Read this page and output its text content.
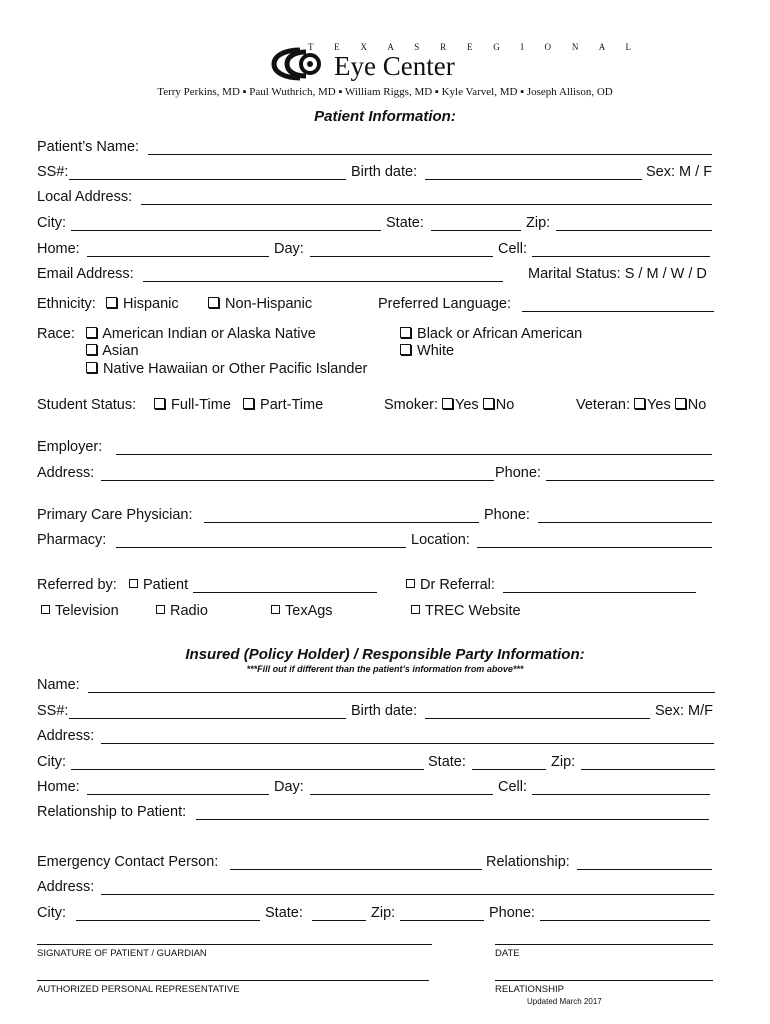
T E X A S R E G I O N A L
Eye Center
Terry Perkins, MD ▪ Paul Wuthrich, MD ▪ William Riggs, MD ▪ Kyle Varvel, MD ▪ Joseph Allison, OD
Patient Information:
Patient’s Name:
SS#:	Birth date:	Sex: M / F
Local Address:
City:	State:	Zip:
Home:	Day:	Cell:
Email Address:	Marital Status: S / M / W / D
Ethnicity:	Hispanic	Non-Hispanic	Preferred Language:
Race:	American Indian or Alaska Native
Asian
Native Hawaiian or Other Pacific Islander
Black or African American
White
Student Status:	Full-Time	Part-Time	Smoker: Yes No	Veteran: Yes No
Employer:
Address:	Phone:
Primary Care Physician:	Phone:
Pharmacy:	Location:
Referred by:	Patient	Dr Referral:
Television	Radio	TexAgs	TREC Website
Insured (Policy Holder) / Responsible Party Information:
***Fill out if different than the patient’s information from above***
Name:
SS#:	Birth date:	Sex: M/F
Address:
City:	State:	Zip:
Home:	Day:	Cell:
Relationship to Patient:
Emergency Contact Person:	Relationship:
Address:
City:	State:	Zip:	Phone:
SIGNATURE OF PATIENT / GUARDIAN	DATE
AUTHORIZED PERSONAL REPRESENTATIVE	RELATIONSHIP
Updated March 2017
